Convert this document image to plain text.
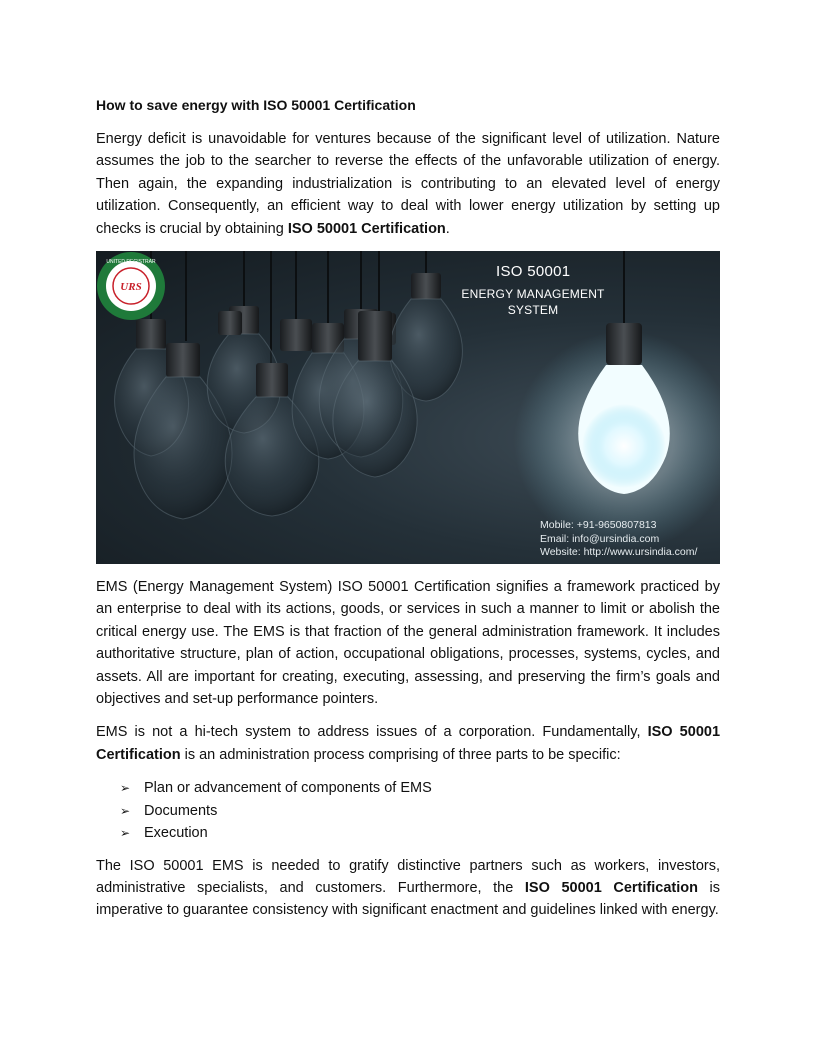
How to save energy with ISO 50001 Certification

Energy deficit is unavoidable for ventures because of the significant level of utilization. Nature assumes the job to the searcher to reverse the effects of the unfavorable utilization of energy. Then again, the expanding industrialization is contributing to an elevated level of energy utilization. Consequently, an efficient way to deal with lower energy utilization by setting up checks is crucial by obtaining ISO 50001 Certification.

ISO 50001
ENERGY MANAGEMENT
SYSTEM
URS
UNITED REGISTRAR
Mobile: +91-9650807813
Email: info@ursindia.com
Website: http://www.ursindia.com/

EMS (Energy Management System) ISO 50001 Certification signifies a framework practiced by an enterprise to deal with its actions, goods, or services in such a manner to limit or abolish the critical energy use. The EMS is that fraction of the general administration framework. It includes authoritative structure, plan of action, occupational obligations, processes, systems, cycles, and assets. All are important for creating, executing, assessing, and preserving the firm’s goals and objectives and set-up performance pointers.

EMS is not a hi-tech system to address issues of a corporation. Fundamentally, ISO 50001 Certification is an administration process comprising of three parts to be specific:

➢ Plan or advancement of components of EMS
➢ Documents
➢ Execution

The ISO 50001 EMS is needed to gratify distinctive partners such as workers, investors, administrative specialists, and customers. Furthermore, the ISO 50001 Certification is imperative to guarantee consistency with significant enactment and guidelines linked with energy.
